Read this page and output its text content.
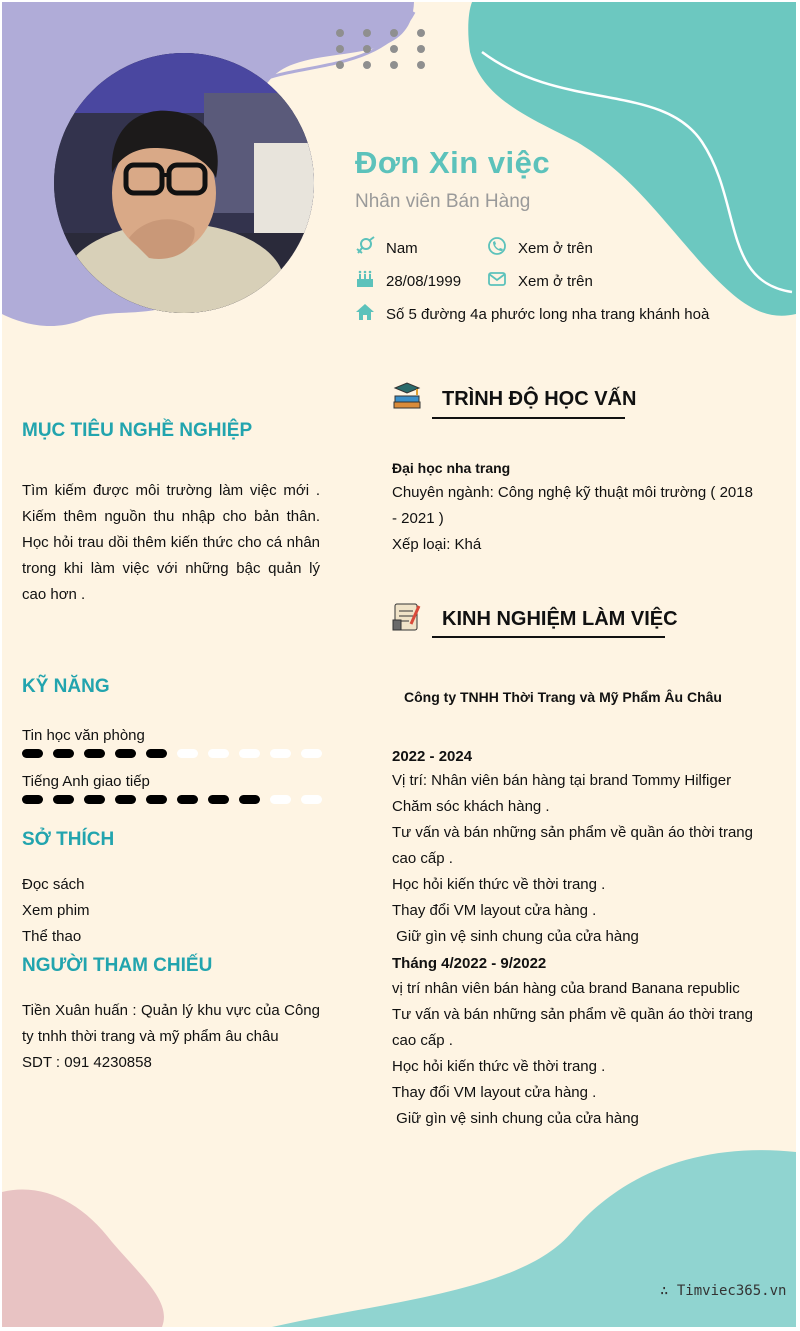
Đơn Xin việc
Nhân viên Bán Hàng
Nam	Xem ở trên
28/08/1999	Xem ở trên
Số 5 đường 4a phước long nha trang khánh hoà
MỤC TIÊU NGHỀ NGHIỆP
Tìm kiếm được môi trường làm việc mới . Kiếm thêm nguồn thu nhập cho bản thân. Học hỏi trau dồi thêm kiến thức cho cá nhân trong khi làm việc với những bậc quản lý cao hơn .
KỸ NĂNG
Tin học văn phòng
Tiếng Anh giao tiếp
SỞ THÍCH
Đọc sách
Xem phim
Thể thao
NGƯỜI THAM CHIẾU
Tiền Xuân huấn : Quản lý khu vực của Công ty tnhh thời trang và mỹ phẩm âu châu
SDT : 091 4230858
TRÌNH ĐỘ HỌC VẤN
Đại học nha trang
Chuyên ngành: Công nghệ kỹ thuật môi trường ( 2018 - 2021 )
Xếp loại: Khá
KINH NGHIỆM LÀM VIỆC
Công ty TNHH Thời Trang và Mỹ Phẩm Âu Châu
2022 - 2024
Vị trí: Nhân viên bán hàng tại brand Tommy Hilfiger
Chăm sóc khách hàng .
Tư vấn và bán những sản phẩm về quần áo thời trang cao cấp .
Học hỏi kiến thức về thời trang .
Thay đổi VM layout cửa hàng .
Giữ gìn vệ sinh chung của cửa hàng
Tháng 4/2022 - 9/2022
vị trí nhân viên bán hàng của brand Banana republic
Tư vấn và bán những sản phẩm về quần áo thời trang cao cấp .
Học hỏi kiến thức về thời trang .
Thay đổi VM layout cửa hàng .
Giữ gìn vệ sinh chung của cửa hàng
∴ Timviec365.vn
